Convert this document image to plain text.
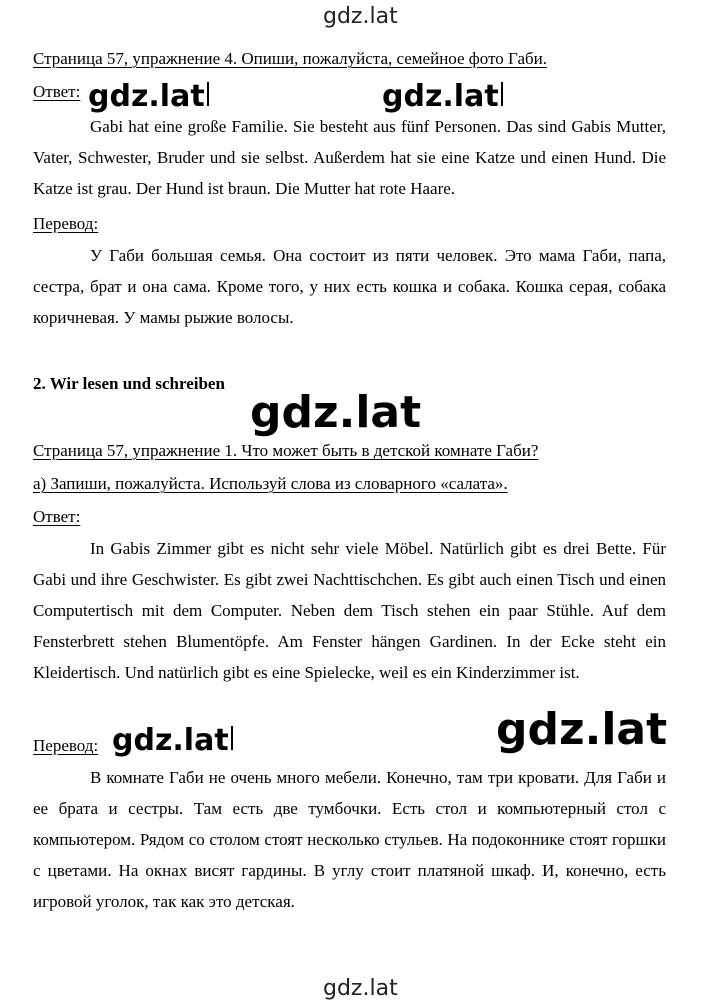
gdz.lat
Страница 57, упражнение 4. Опиши, пожалуйста, семейное фото Габи.
Ответ:

Gabi hat eine große Familie. Sie besteht aus fünf Personen. Das sind Gabis Mutter, Vater, Schwester, Bruder und sie selbst. Außerdem hat sie eine Katze und einen Hund. Die Katze ist grau. Der Hund ist braun. Die Mutter hat rote Haare.

Перевод:

У Габи большая семья. Она состоит из пяти человек. Это мама Габи, папа, сестра, брат и она сама. Кроме того, у них есть кошка и собака. Кошка серая, собака коричневая. У мамы рыжие волосы.

2. Wir lesen und schreiben
Страница 57, упражнение 1. Что может быть в детской комнате Габи?
а) Запиши, пожалуйста. Используй слова из словарного «салата».
Ответ:

In Gabis Zimmer gibt es nicht sehr viele Möbel. Natürlich gibt es drei Bette. Für Gabi und ihre Geschwister. Es gibt zwei Nachttischchen. Es gibt auch einen Tisch und einen Computertisch mit dem Computer. Neben dem Tisch stehen ein paar Stühle. Auf dem Fensterbrett stehen Blumentöpfe. Am Fenster hängen Gardinen. In der Ecke steht ein Kleidertisch. Und natürlich gibt es eine Spielecke, weil es ein Kinderzimmer ist.

Перевод:

В комнате Габи не очень много мебели. Конечно, там три кровати. Для Габи и ее брата и сестры. Там есть две тумбочки. Есть стол и компьютерный стол с компьютером. Рядом со столом стоят несколько стульев. На подоконнике стоят горшки с цветами. На окнах висят гардины. В углу стоит платяной шкаф. И, конечно, есть игровой уголок, так как это детская.

gdz.lat	gdz.lat
gdz.lat
gdz.lat	gdz.lat
gdz.lat
